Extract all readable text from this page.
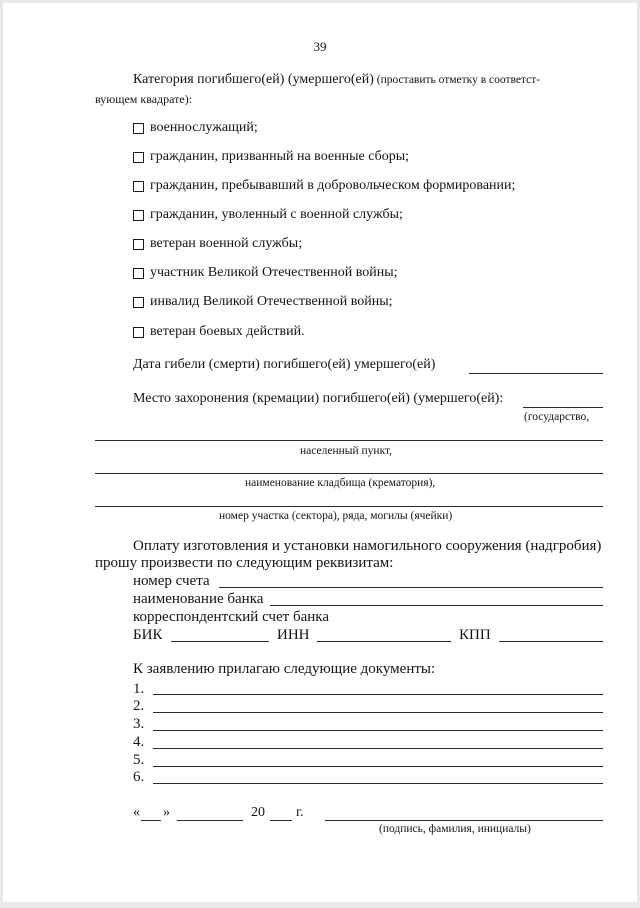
39
Категория погибшего(ей) (умершего(ей) (проставить отметку в соответст-
вующем квадрате):
военнослужащий;
гражданин, призванный на военные сборы;
гражданин, пребывавший в добровольческом формировании;
гражданин, уволенный с военной службы;
ветеран военной службы;
участник Великой Отечественной войны;
инвалид Великой Отечественной войны;
ветеран боевых действий.
Дата гибели (смерти) погибшего(ей) умершего(ей)
Место захоронения (кремации) погибшего(ей) (умершего(ей):
(государство,
населенный пункт,
наименование кладбища (крематория),
номер участка (сектора), ряда, могилы (ячейки)
Оплату изготовления и установки намогильного сооружения (надгробия)
прошу произвести по следующим реквизитам:
номер счета
наименование банка
корреспондентский счет банка
БИК	ИНН	КПП
К заявлению прилагаю следующие документы:
1.
2.
3.
4.
5.
6.
« »	20 г.
(подпись, фамилия, инициалы)
